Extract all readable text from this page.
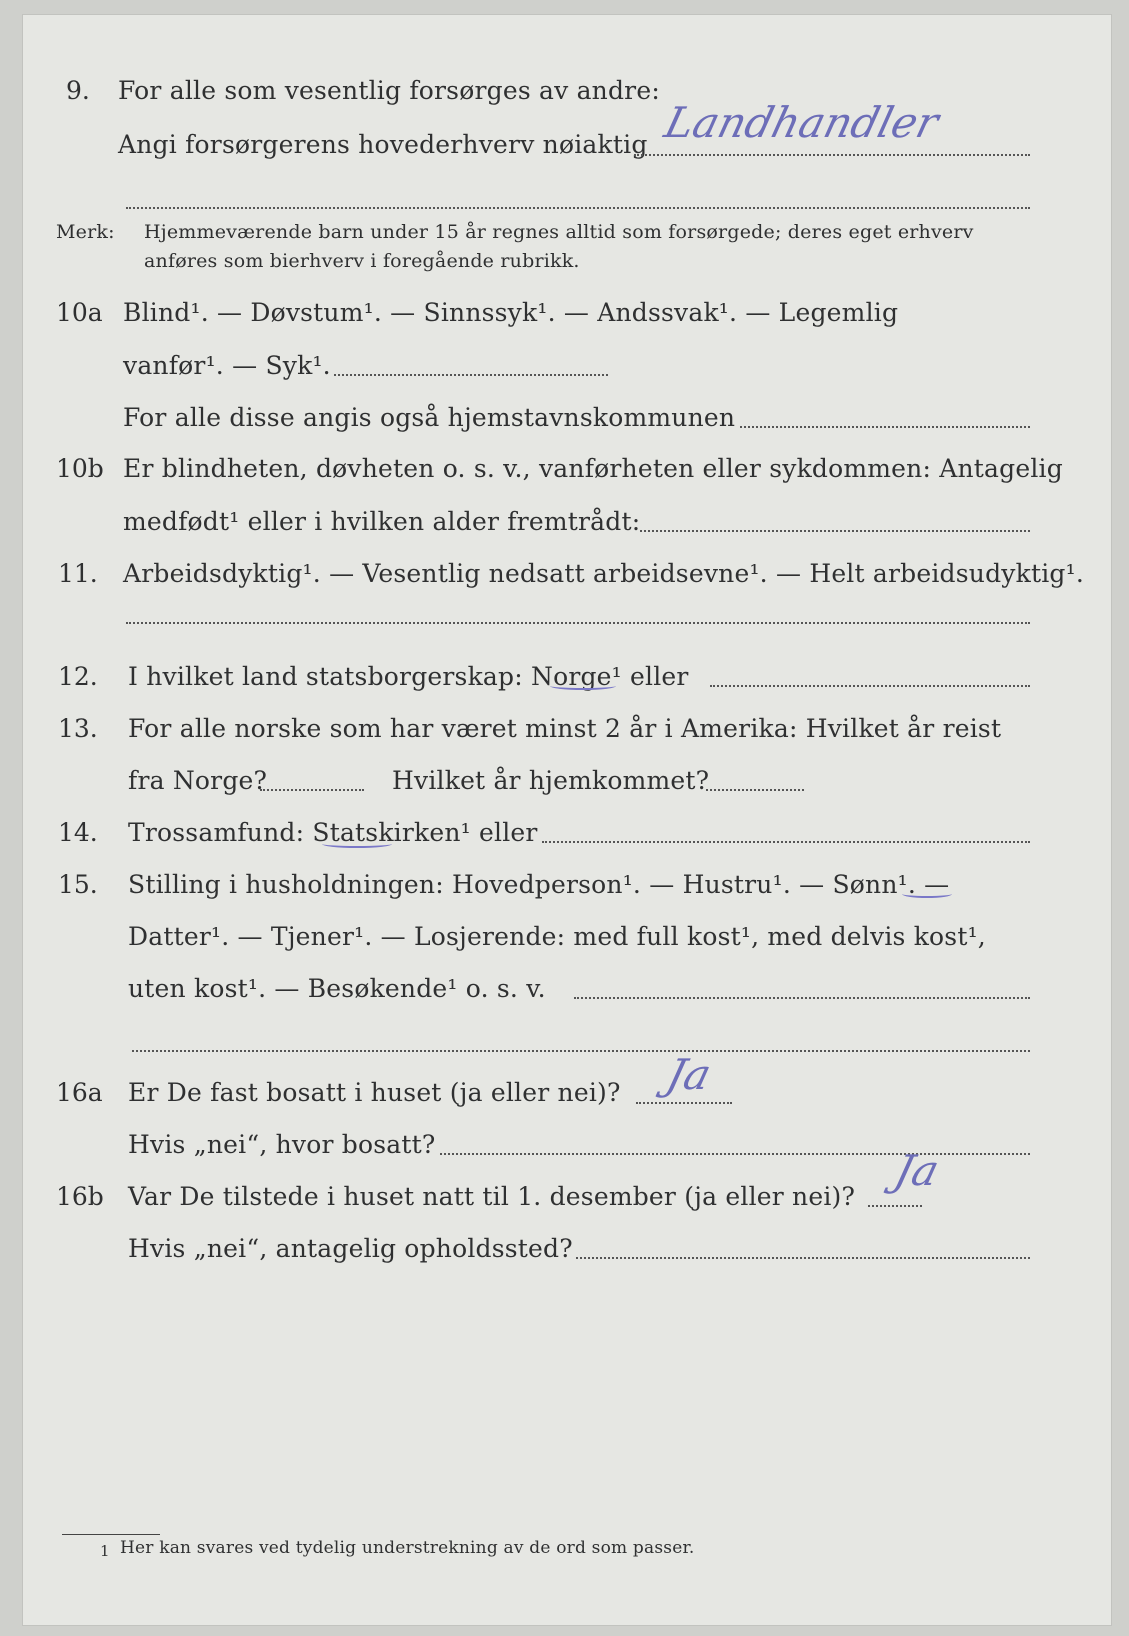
9. For alle som vesentlig forsørges av andre:
Angi forsørgerens hovederhverv nøiaktig Landhandler
Merk: Hjemmeværende barn under 15 år regnes alltid som forsørgede; deres eget erhverv
anføres som bierhverv i foregående rubrikk.
10a Blind¹. — Døvstum¹. — Sinnssyk¹. — Andssvak¹. — Legemlig
vanfør¹. — Syk¹.
For alle disse angis også hjemstavnskommunen
10b Er blindheten, døvheten o. s. v., vanførheten eller sykdommen: Antagelig
medfødt¹ eller i hvilken alder fremtrådt:
11. Arbeidsdyktig¹. — Vesentlig nedsatt arbeidsevne¹. — Helt arbeidsudyktig¹.
12. I hvilket land statsborgerskap: Norge¹ eller
13. For alle norske som har været minst 2 år i Amerika: Hvilket år reist
fra Norge?	Hvilket år hjemkommet?
14. Trossamfund: Statskirken¹ eller
15. Stilling i husholdningen: Hovedperson¹. — Hustru¹. — Sønn¹. —
Datter¹. — Tjener¹. — Losjerende: med full kost¹, med delvis kost¹,
uten kost¹. — Besøkende¹ o. s. v.
16a Er De fast bosatt i huset (ja eller nei)? Ja
Hvis „nei“, hvor bosatt?
16b Var De tilstede i huset natt til 1. desember (ja eller nei)?
Ja
Hvis „nei“, antagelig opholdssted?
1 Her kan svares ved tydelig understrekning av de ord som passer.
